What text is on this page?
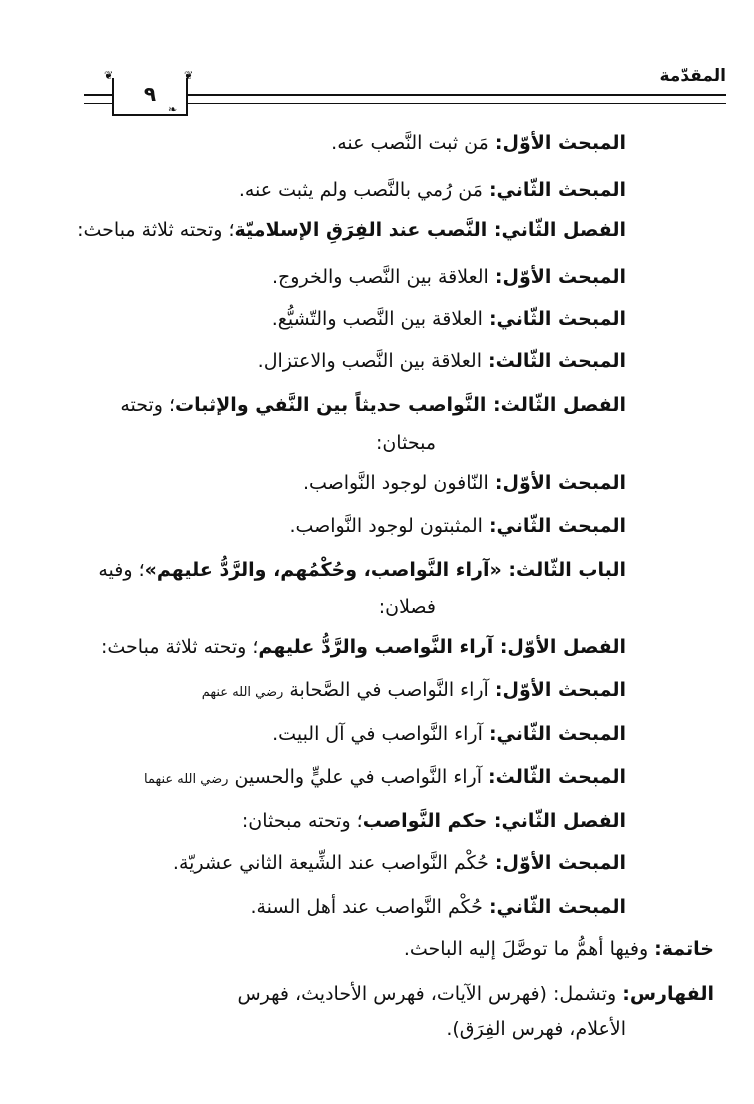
المقدّمة
٩
❦	❦
❧
المبحث الأوّل: مَن ثبت النَّصب عنه.
المبحث الثّاني: مَن رُمي بالنَّصب ولم يثبت عنه.
الفصل الثّاني: النَّصب عند الفِرَقِ الإسلاميّة؛ وتحته ثلاثة مباحث:
المبحث الأوّل: العلاقة بين النَّصب والخروج.
المبحث الثّاني: العلاقة بين النَّصب والتّشيُّع.
المبحث الثّالث: العلاقة بين النَّصب والاعتزال.
الفصل الثّالث: النَّواصب حديثاً بين النَّفي والإثبات؛ وتحته
مبحثان:
المبحث الأوّل: النّافون لوجود النَّواصب.
المبحث الثّاني: المثبتون لوجود النَّواصب.
الباب الثّالث: «آراء النَّواصب، وحُكْمُهم، والرَّدُّ عليهم»؛ وفيه
فصلان:
الفصل الأوّل: آراء النَّواصب والرَّدُّ عليهم؛ وتحته ثلاثة مباحث:
المبحث الأوّل: آراء النَّواصب في الصَّحابة رضي الله عنهم
المبحث الثّاني: آراء النَّواصب في آل البيت.
المبحث الثّالث: آراء النَّواصب في عليٍّ والحسين رضي الله عنهما
الفصل الثّاني: حكم النَّواصب؛ وتحته مبحثان:
المبحث الأوّل: حُكْم النَّواصب عند الشِّيعة الثاني عشريّة.
المبحث الثّاني: حُكْم النَّواصب عند أهل السنة.
خاتمة: وفيها أهمُّ ما توصَّلَ إليه الباحث.
الفهارس: وتشمل: (فهرس الآيات، فهرس الأحاديث، فهرس
الأعلام، فهرس الفِرَق).
